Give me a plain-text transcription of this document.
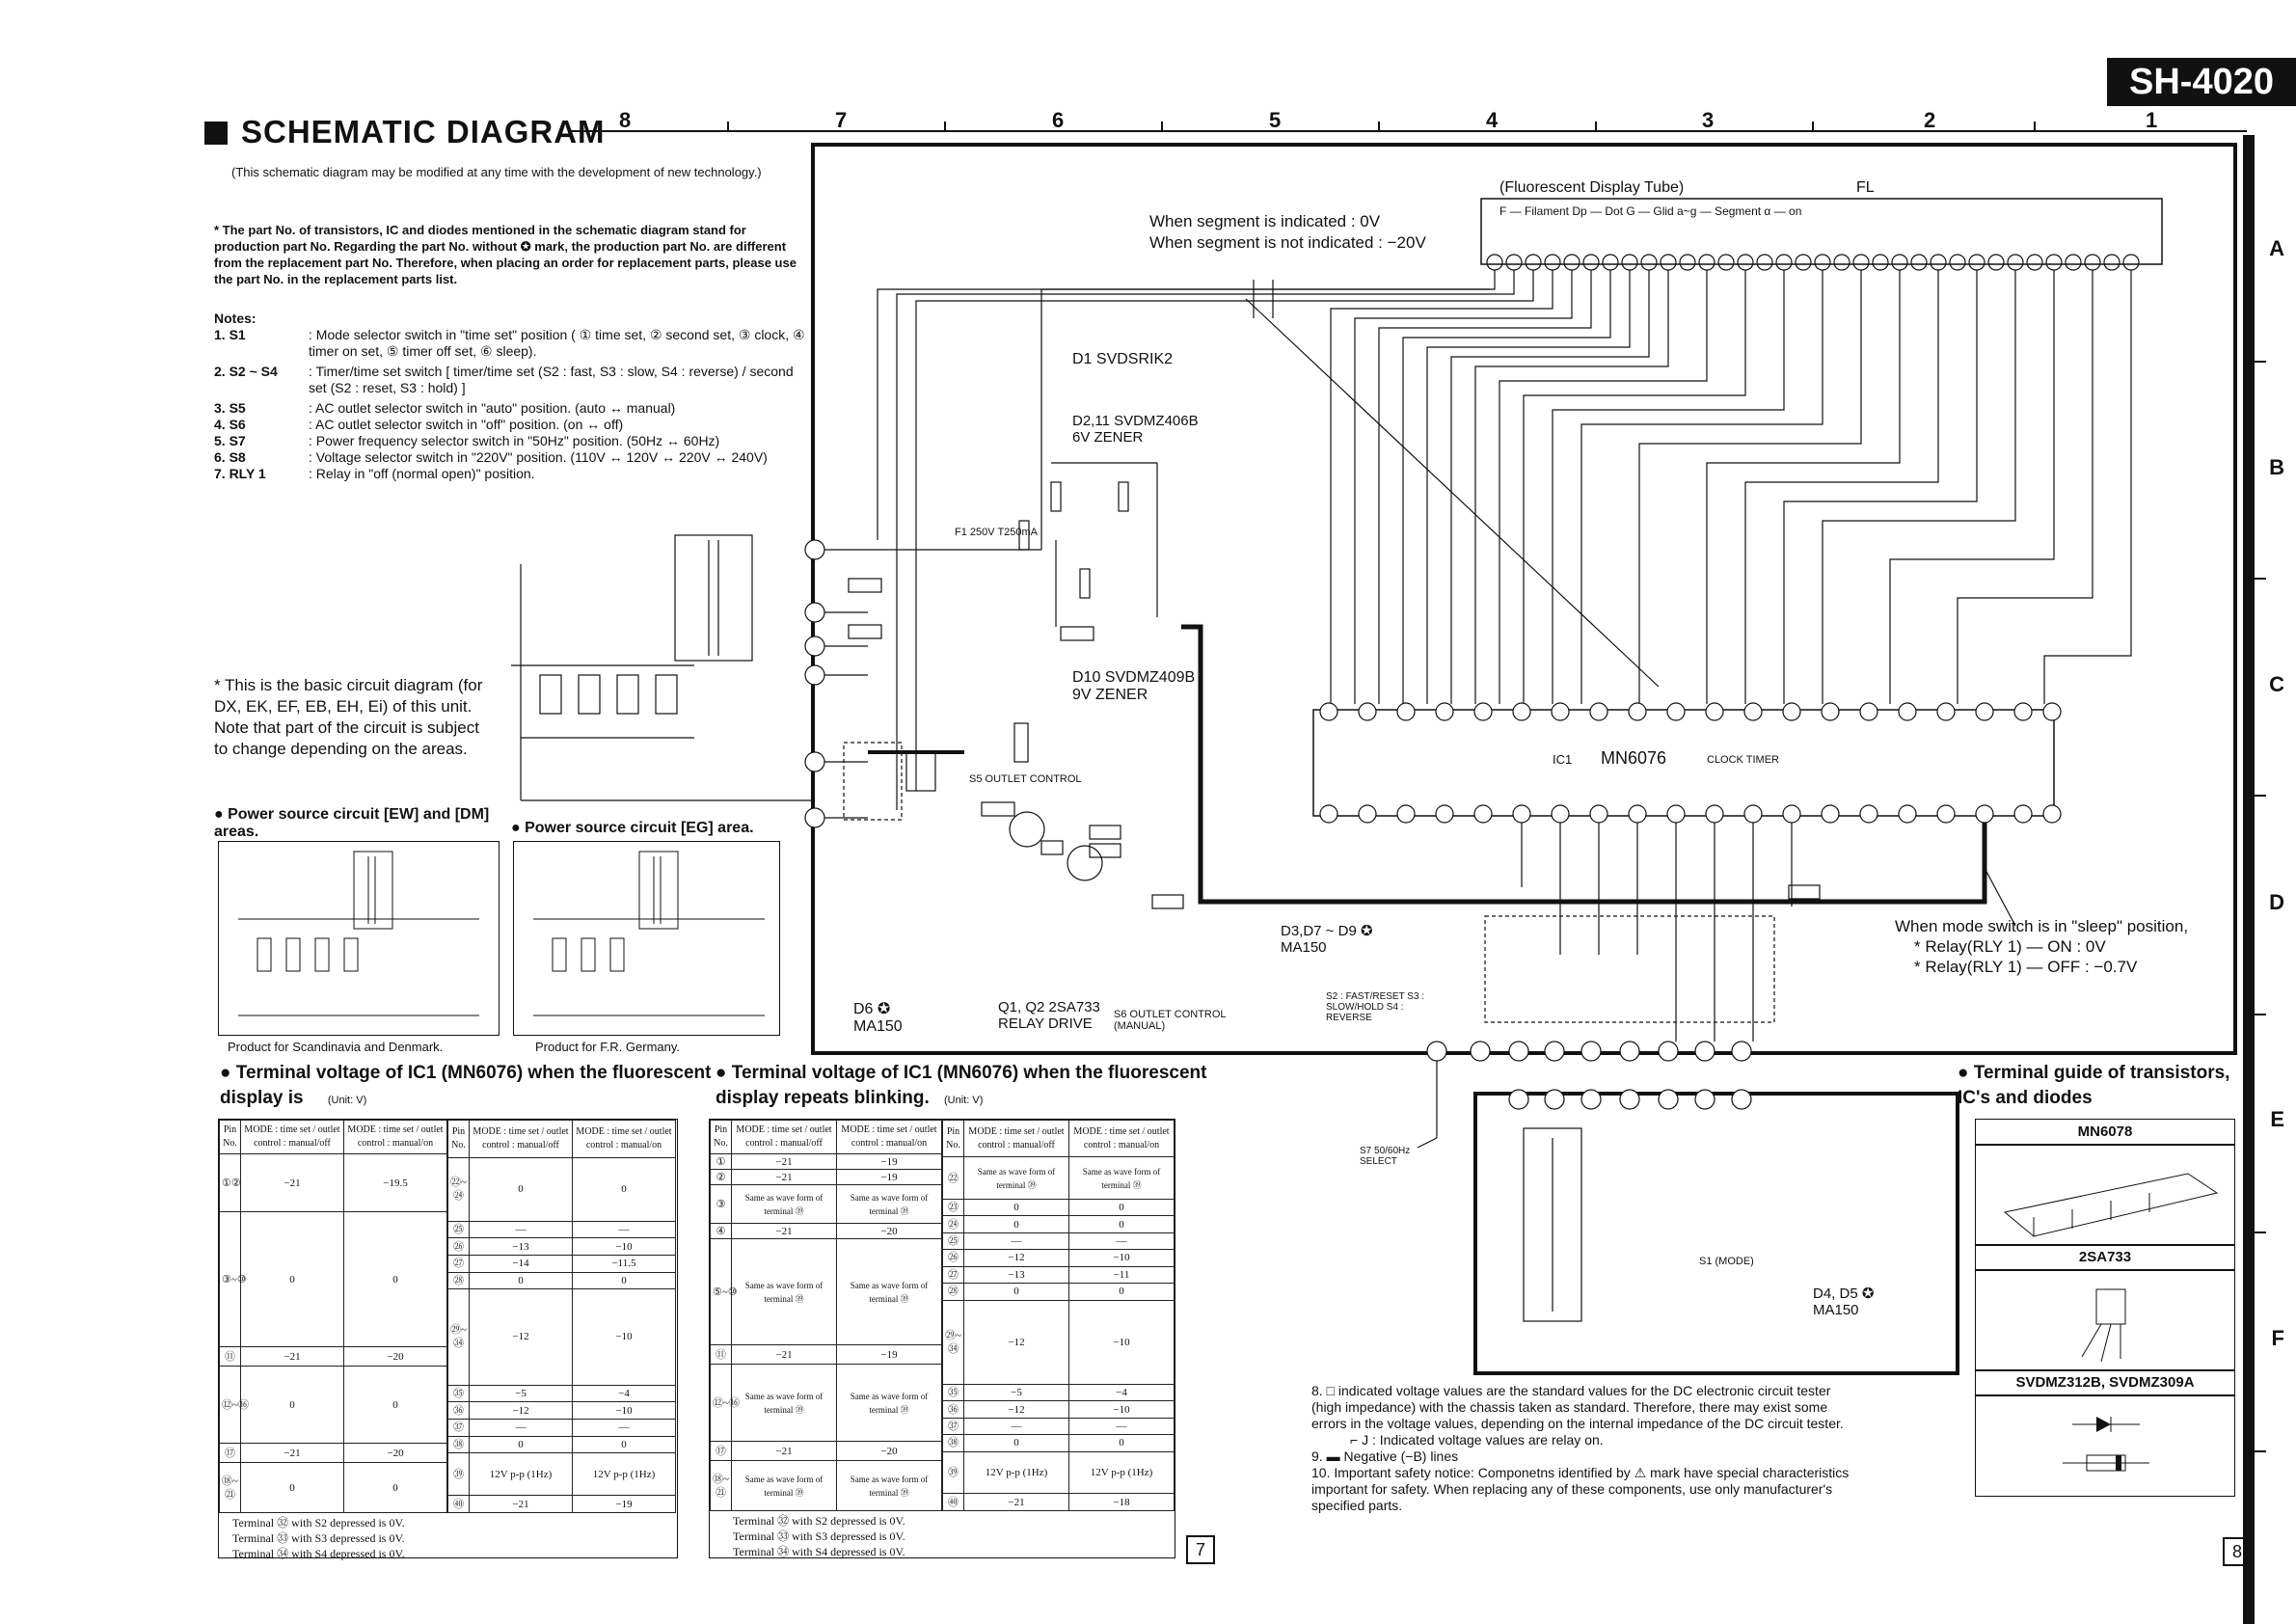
SCHEMATIC DIAGRAM
SH-4020
8	7	6	5	4	3	2	1
A
B
C
D
E
F
(This schematic diagram may be modified at any time with the development of new technology.)
* The part No. of transistors, IC and diodes mentioned in the schematic diagram stand for production part No. Regarding the part No. without ✪ mark, the production part No. are different from the replacement part No. Therefore, when placing an order for replacement parts, please use the part No. in the replacement parts list.
Notes:
1. S1	: Mode selector switch in "time set" position ( ① time set, ② second set, ③ clock, ④ timer on set, ⑤ timer off set, ⑥ sleep).
2. S2 ~ S4	: Timer/time set switch [ timer/time set (S2 : fast, S3 : slow, S4 : reverse) / second set (S2 : reset, S3 : hold) ]
3. S5	: AC outlet selector switch in "auto" position. (auto ↔ manual)
4. S6	: AC outlet selector switch in "off" position. (on ↔ off)
5. S7	: Power frequency selector switch in "50Hz" position. (50Hz ↔ 60Hz)
6. S8	: Voltage selector switch in "220V" position. (110V ↔ 120V ↔ 220V ↔ 240V)
7. RLY 1	: Relay in "off (normal open)" position.
* This is the basic circuit diagram (for DX, EK, EF, EB, EH, Ei) of this unit. Note that part of the circuit is subject to change depending on the areas.
● Power source circuit [EW] and [DM] areas.
Product for Scandinavia and Denmark.
● Power source circuit [EG] area.
Product for F.R. Germany.
(Fluorescent Display Tube)	FL
F — Filament Dp — Dot G — Glid a~g — Segment α — on
When segment is indicated : 0V
When segment is not indicated : −20V
IC1 MN6076	CLOCK TIMER
When mode switch is in "sleep" position,
* Relay(RLY 1) — ON : 0V
* Relay(RLY 1) — OFF : −0.7V
D1 SVDSRIK2
D2,11 SVDMZ406B 6V ZENER
D10 SVDMZ409B 9V ZENER
D6 ✪ MA150
Q1, Q2 2SA733 RELAY DRIVE
S6 OUTLET CONTROL (MANUAL)
S5 OUTLET CONTROL
D3,D7 ~ D9 ✪ MA150
S2 : FAST/RESET S3 : SLOW/HOLD S4 : REVERSE
S7 50/60Hz SELECT
S1 (MODE)
D4, D5 ✪ MA150
F1 250V T250mA
● Terminal voltage of IC1 (MN6076) when the fluorescent display is (Unit: V)
Pin No.	MODE : time set / outlet control : manual/off	MODE : time set / outlet control : manual/on
①②	−21	−19.5
③~⑩	0	0
⑪	−21	−20
⑫~⑯	0	0
⑰	−21	−20
⑱~㉑	0	0
Pin No.	MODE : time set / outlet control : manual/off	MODE : time set / outlet control : manual/on
㉒~㉔	0	0
㉕	—	—
㉖	−13	−10
㉗	−14	−11.5
㉘	0	0
㉙~㉞	−12	−10
㉟	−5	−4
㊱	−12	−10
㊲	—	—
㊳	0	0
㊴	12V p-p (1Hz)	12V p-p (1Hz)
㊵	−21	−19
Terminal ㉜ with S2 depressed is 0V.
Terminal ㉝ with S3 depressed is 0V.
Terminal ㉞ with S4 depressed is 0V.
● Terminal voltage of IC1 (MN6076) when the fluorescent display repeats blinking. (Unit: V)
Pin No.	MODE : time set / outlet control : manual/off	MODE : time set / outlet control : manual/on
①	−21	−19
②	−21	−19
③	Same as wave form of terminal ㊴	Same as wave form of terminal ㊴
④	−21	−20
⑤~⑩	Same as wave form of terminal ㊴	Same as wave form of terminal ㊴
⑪	−21	−19
⑫~⑯	Same as wave form of terminal ㊴	Same as wave form of terminal ㊴
⑰	−21	−20
⑱~㉑	Same as wave form of terminal ㊴	Same as wave form of terminal ㊴
Pin No.	MODE : time set / outlet control : manual/off	MODE : time set / outlet control : manual/on
㉒	Same as wave form of terminal ㊴	Same as wave form of terminal ㊴
㉓	0	0
㉔	0	0
㉕	—	—
㉖	−12	−10
㉗	−13	−11
㉘	0	0
㉙~㉞	−12	−10
㉟	−5	−4
㊱	−12	−10
㊲	—	—
㊳	0	0
㊴	12V p-p (1Hz)	12V p-p (1Hz)
㊵	−21	−18
Terminal ㉜ with S2 depressed is 0V.
Terminal ㉝ with S3 depressed is 0V.
Terminal ㉞ with S4 depressed is 0V.	7	8
8. □ indicated voltage values are the standard values for the DC electronic circuit tester (high impedance) with the chassis taken as standard. Therefore, there may exist some errors in the voltage values, depending on the internal impedance of the DC circuit tester.
⌐ J : Indicated voltage values are relay on.
9. ▬ Negative (−B) lines
10. Important safety notice: Componetns identified by ⚠ mark have special characteristics important for safety. When replacing any of these components, use only manufacturer's specified parts.
● Terminal guide of transistors, IC's and diodes
MN6078
2SA733
SVDMZ312B, SVDMZ309A
